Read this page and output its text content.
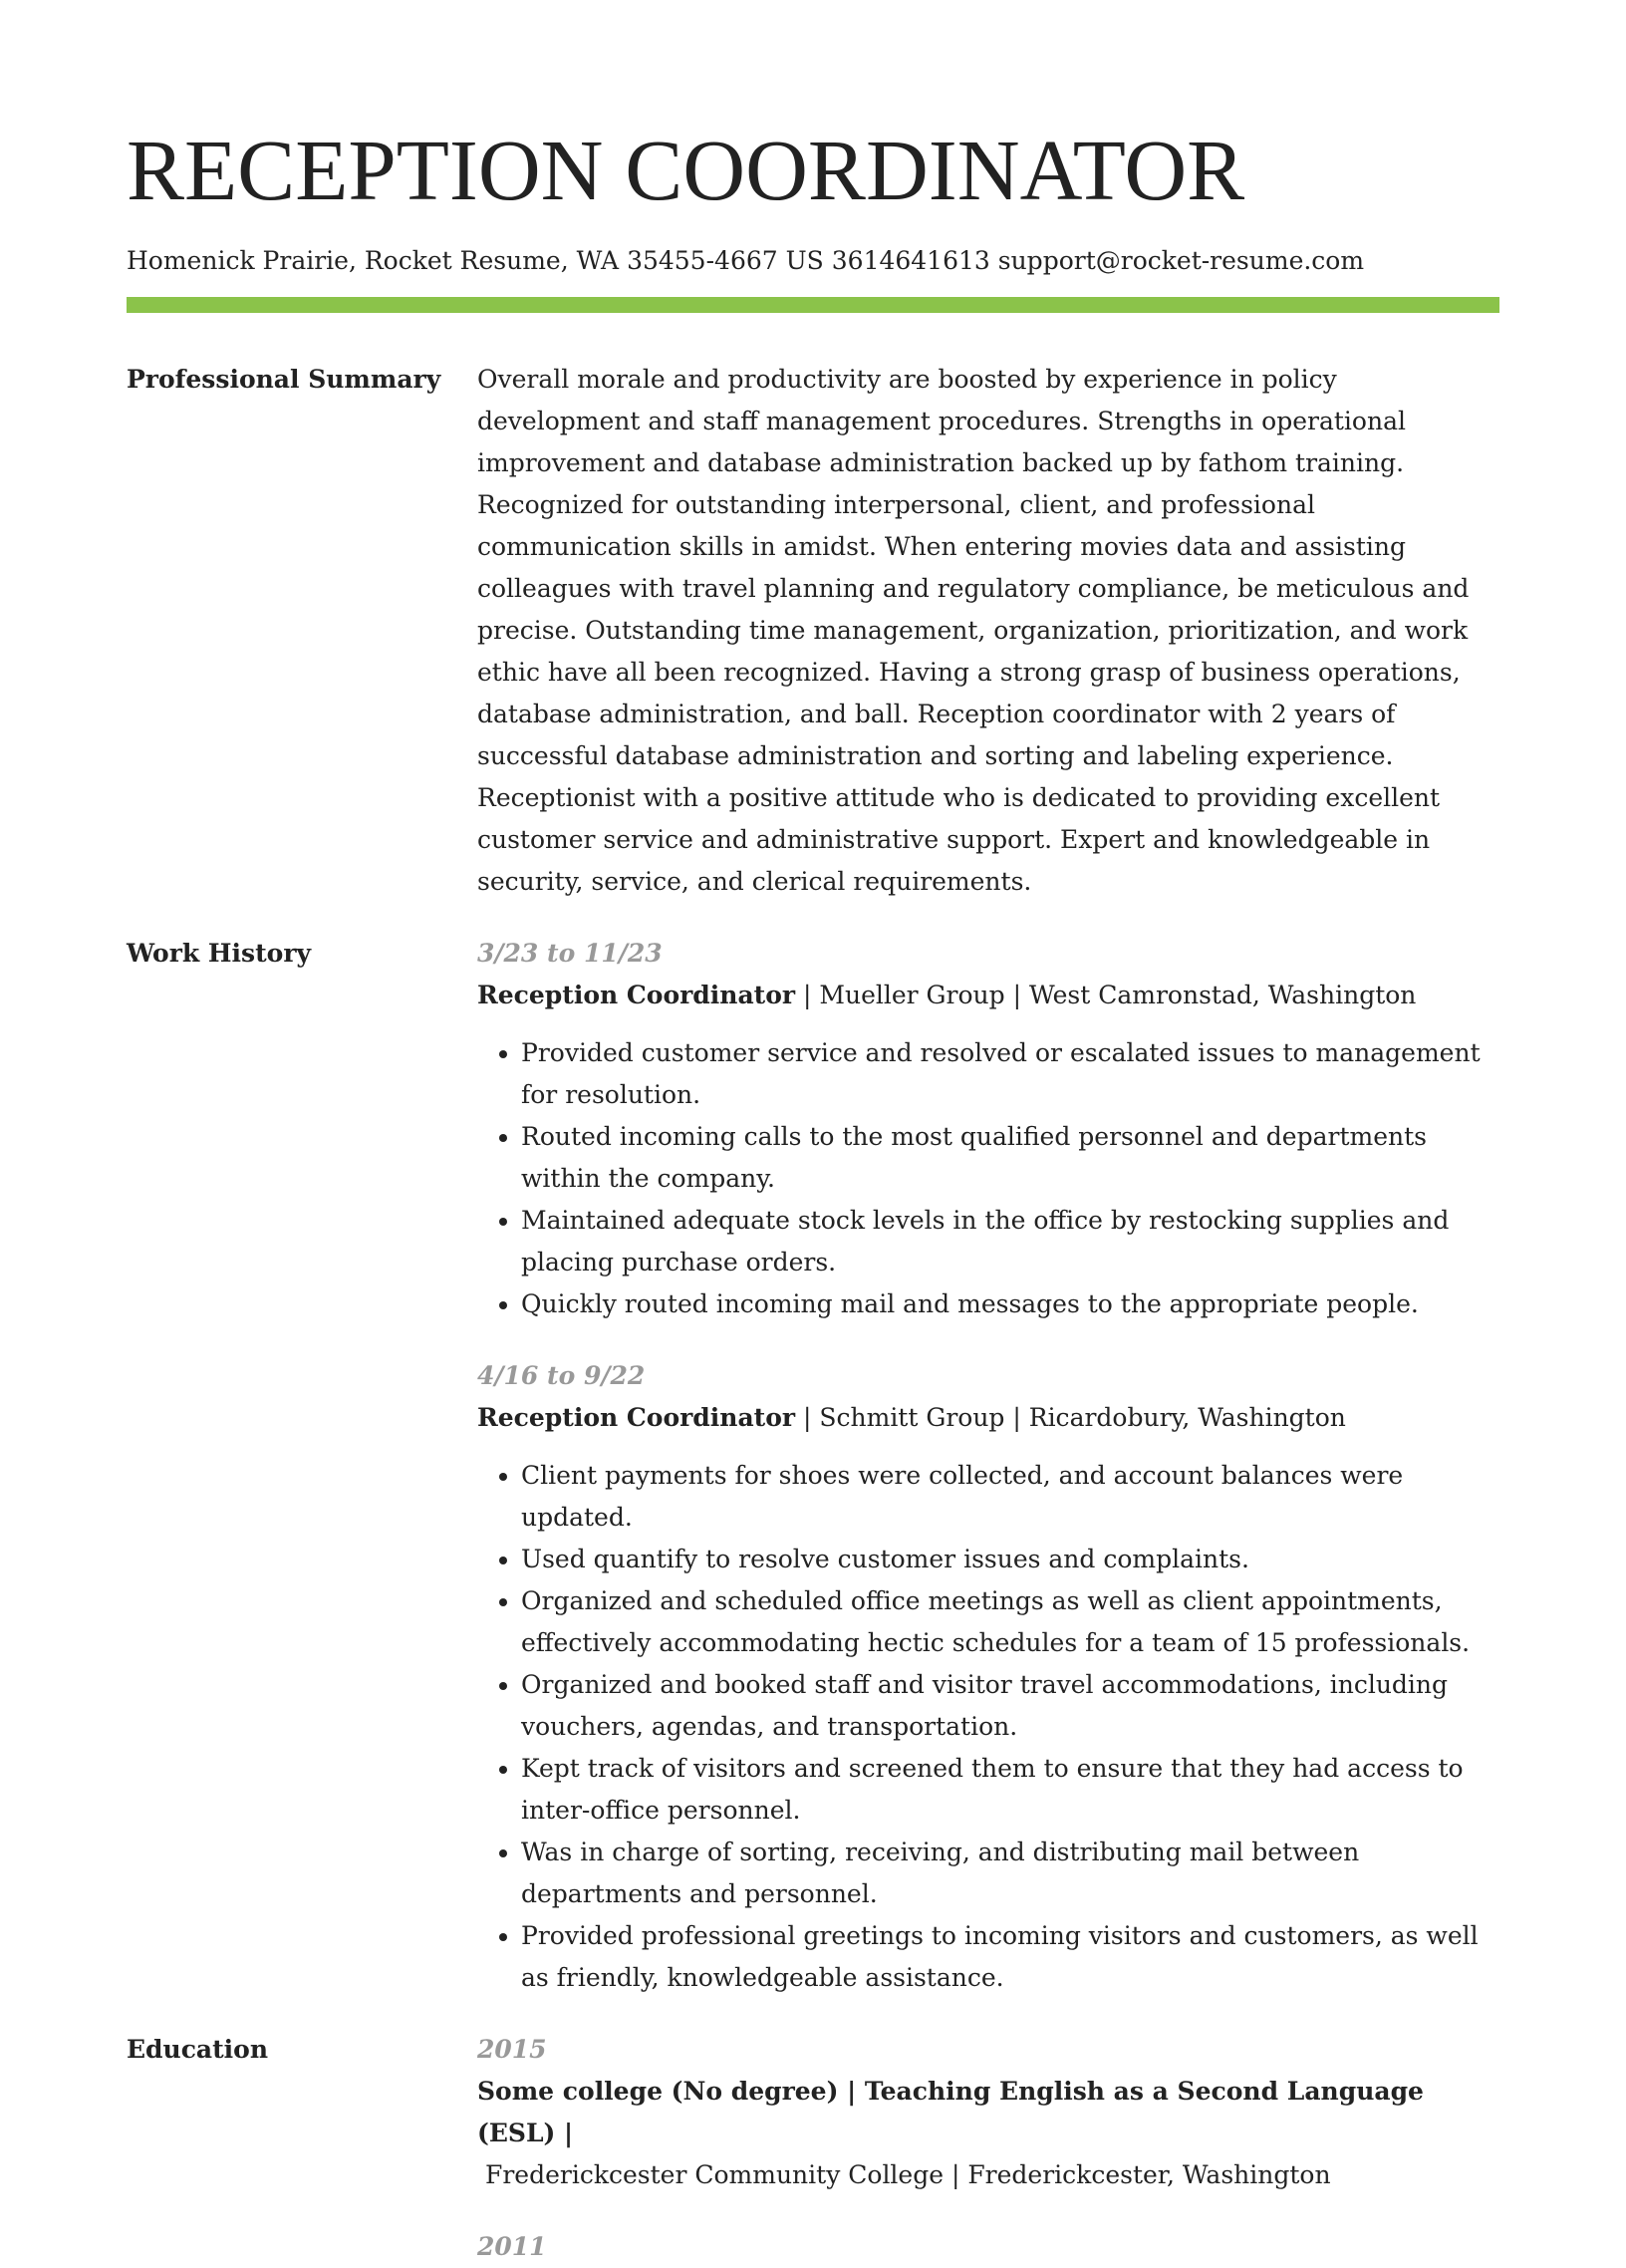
RECEPTION COORDINATOR
Homenick Prairie, Rocket Resume, WA 35455-4667 US 3614641613 support@rocket-resume.com
Professional Summary	Overall morale and productivity are boosted by experience in policy development and staff management procedures. Strengths in operational improvement and database administration backed up by fathom training. Recognized for outstanding interpersonal, client, and professional communication skills in amidst. When entering movies data and assisting colleagues with travel planning and regulatory compliance, be meticulous and precise. Outstanding time management, organization, prioritization, and work ethic have all been recognized. Having a strong grasp of business operations, database administration, and ball. Reception coordinator with 2 years of successful database administration and sorting and labeling experience. Receptionist with a positive attitude who is dedicated to providing excellent customer service and administrative support. Expert and knowledgeable in security, service, and clerical requirements.

Work History	3/23 to 11/23
Reception Coordinator | Mueller Group | West Camronstad, Washington
• Provided customer service and resolved or escalated issues to management for resolution.
• Routed incoming calls to the most qualified personnel and departments within the company.
• Maintained adequate stock levels in the office by restocking supplies and placing purchase orders.
• Quickly routed incoming mail and messages to the appropriate people.
4/16 to 9/22
Reception Coordinator | Schmitt Group | Ricardobury, Washington
• Client payments for shoes were collected, and account balances were updated.
• Used quantify to resolve customer issues and complaints.
• Organized and scheduled office meetings as well as client appointments, effectively accommodating hectic schedules for a team of 15 professionals.
• Organized and booked staff and visitor travel accommodations, including vouchers, agendas, and transportation.
• Kept track of visitors and screened them to ensure that they had access to inter-office personnel.
• Was in charge of sorting, receiving, and distributing mail between departments and personnel.
• Provided professional greetings to incoming visitors and customers, as well as friendly, knowledgeable assistance.
Education	2015
Some college (No degree) | Teaching English as a Second Language (ESL) |
Frederickcester Community College | Frederickcester, Washington
2011
